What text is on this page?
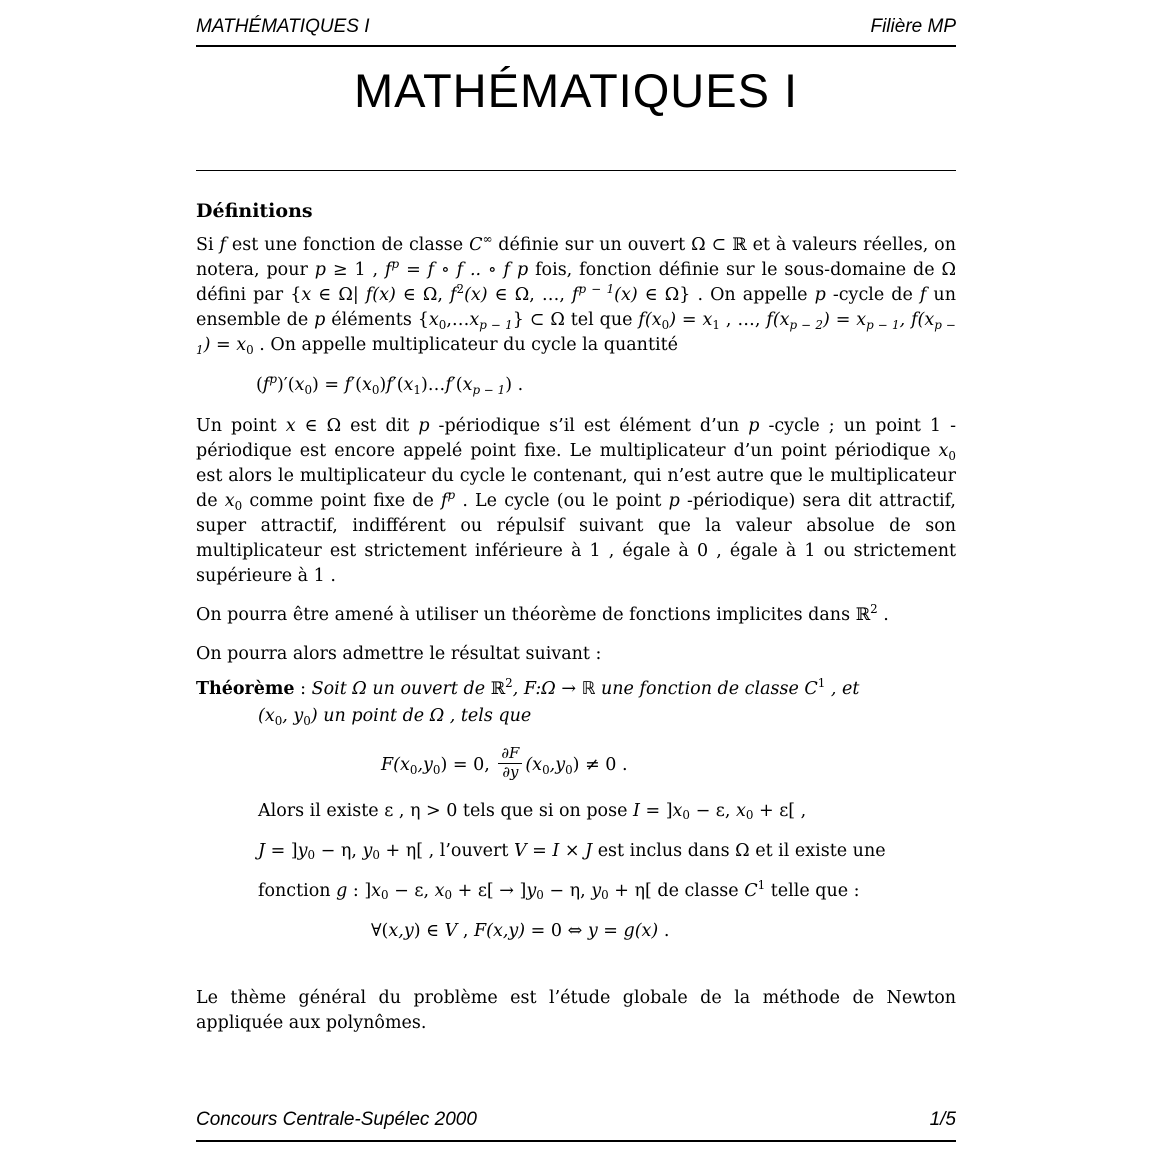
MATHÉMATIQUES I	Filière MP
MATHÉMATIQUES I
Définitions

Si f est une fonction de classe C∞ définie sur un ouvert Ω ⊂ ℝ et à valeurs réelles, on notera, pour p ≥ 1 , $f^p = f$ ∘ f .. ∘ f p fois, fonction définie sur le sous-domaine de Ω défini par {x ∈ Ω| f(x) ∈ Ω, $f^2(x)$ ∈ Ω, …, $f^{p - 1}(x)$ ∈ Ω} . On appelle p -cycle de f un ensemble de p éléments $\{x_0,\dots x_{p - 1}\}$ ⊂ Ω tel que $f(x_0) = x_1$ , …, $f(x_{p - 2}) = x_{p - 1}$, $f(x_{p - 1}) = x_0$ . On appelle multiplicateur du cycle la quantité

$(f^p)'(x_0)$ = $f'(x_0)f'(x_1)\dots f'(x_{p - 1})$ .

Un point x ∈ Ω est dit p -périodique s’il est élément d’un p -cycle ; un point 1 - périodique est encore appelé point fixe. Le multiplicateur d’un point périodique $x_0$ est alors le multiplicateur du cycle le contenant, qui n’est autre que le multiplicateur de $x_0$ comme point fixe de $f^p$ . Le cycle (ou le point p -périodique) sera dit attractif, super attractif, indifférent ou répulsif suivant que la valeur absolue de son multiplicateur est strictement inférieure à 1 , égale à 0 , égale à 1 ou strictement supérieure à 1 .

On pourra être amené à utiliser un théorème de fonctions implicites dans ℝ$^2$ .

On pourra alors admettre le résultat suivant :

Théorème : Soit Ω un ouvert de ℝ$^2$, F:Ω → ℝ une fonction de classe $C^1$ , et

($x_0$, $y_0$) un point de Ω , tels que

$F(x_0,y_0) = 0$, $\frac{\partial F}{\partial y} (x_0,y_0) \ne 0$ .

Alors il existe ε , η > 0 tels que si on pose $I = ]x_0 - \varepsilon$, $x_0 + \varepsilon$[ ,

$J = ]y_0 - \eta$, $y_0 + \eta$[ , l’ouvert V = I × J est inclus dans Ω et il existe une

fonction g : ]$x_0 - \varepsilon$, $x_0 + \varepsilon[ \to ]y_0 - \eta$, $y_0 + \eta$[ de classe $C^1$ telle que :

∀(x,y) ∈ V , F(x,y) = 0 ⇔ y = g(x) .

Le thème général du problème est l’étude globale de la méthode de Newton appliquée aux polynômes.

Concours Centrale-Supélec 2000	1/5
